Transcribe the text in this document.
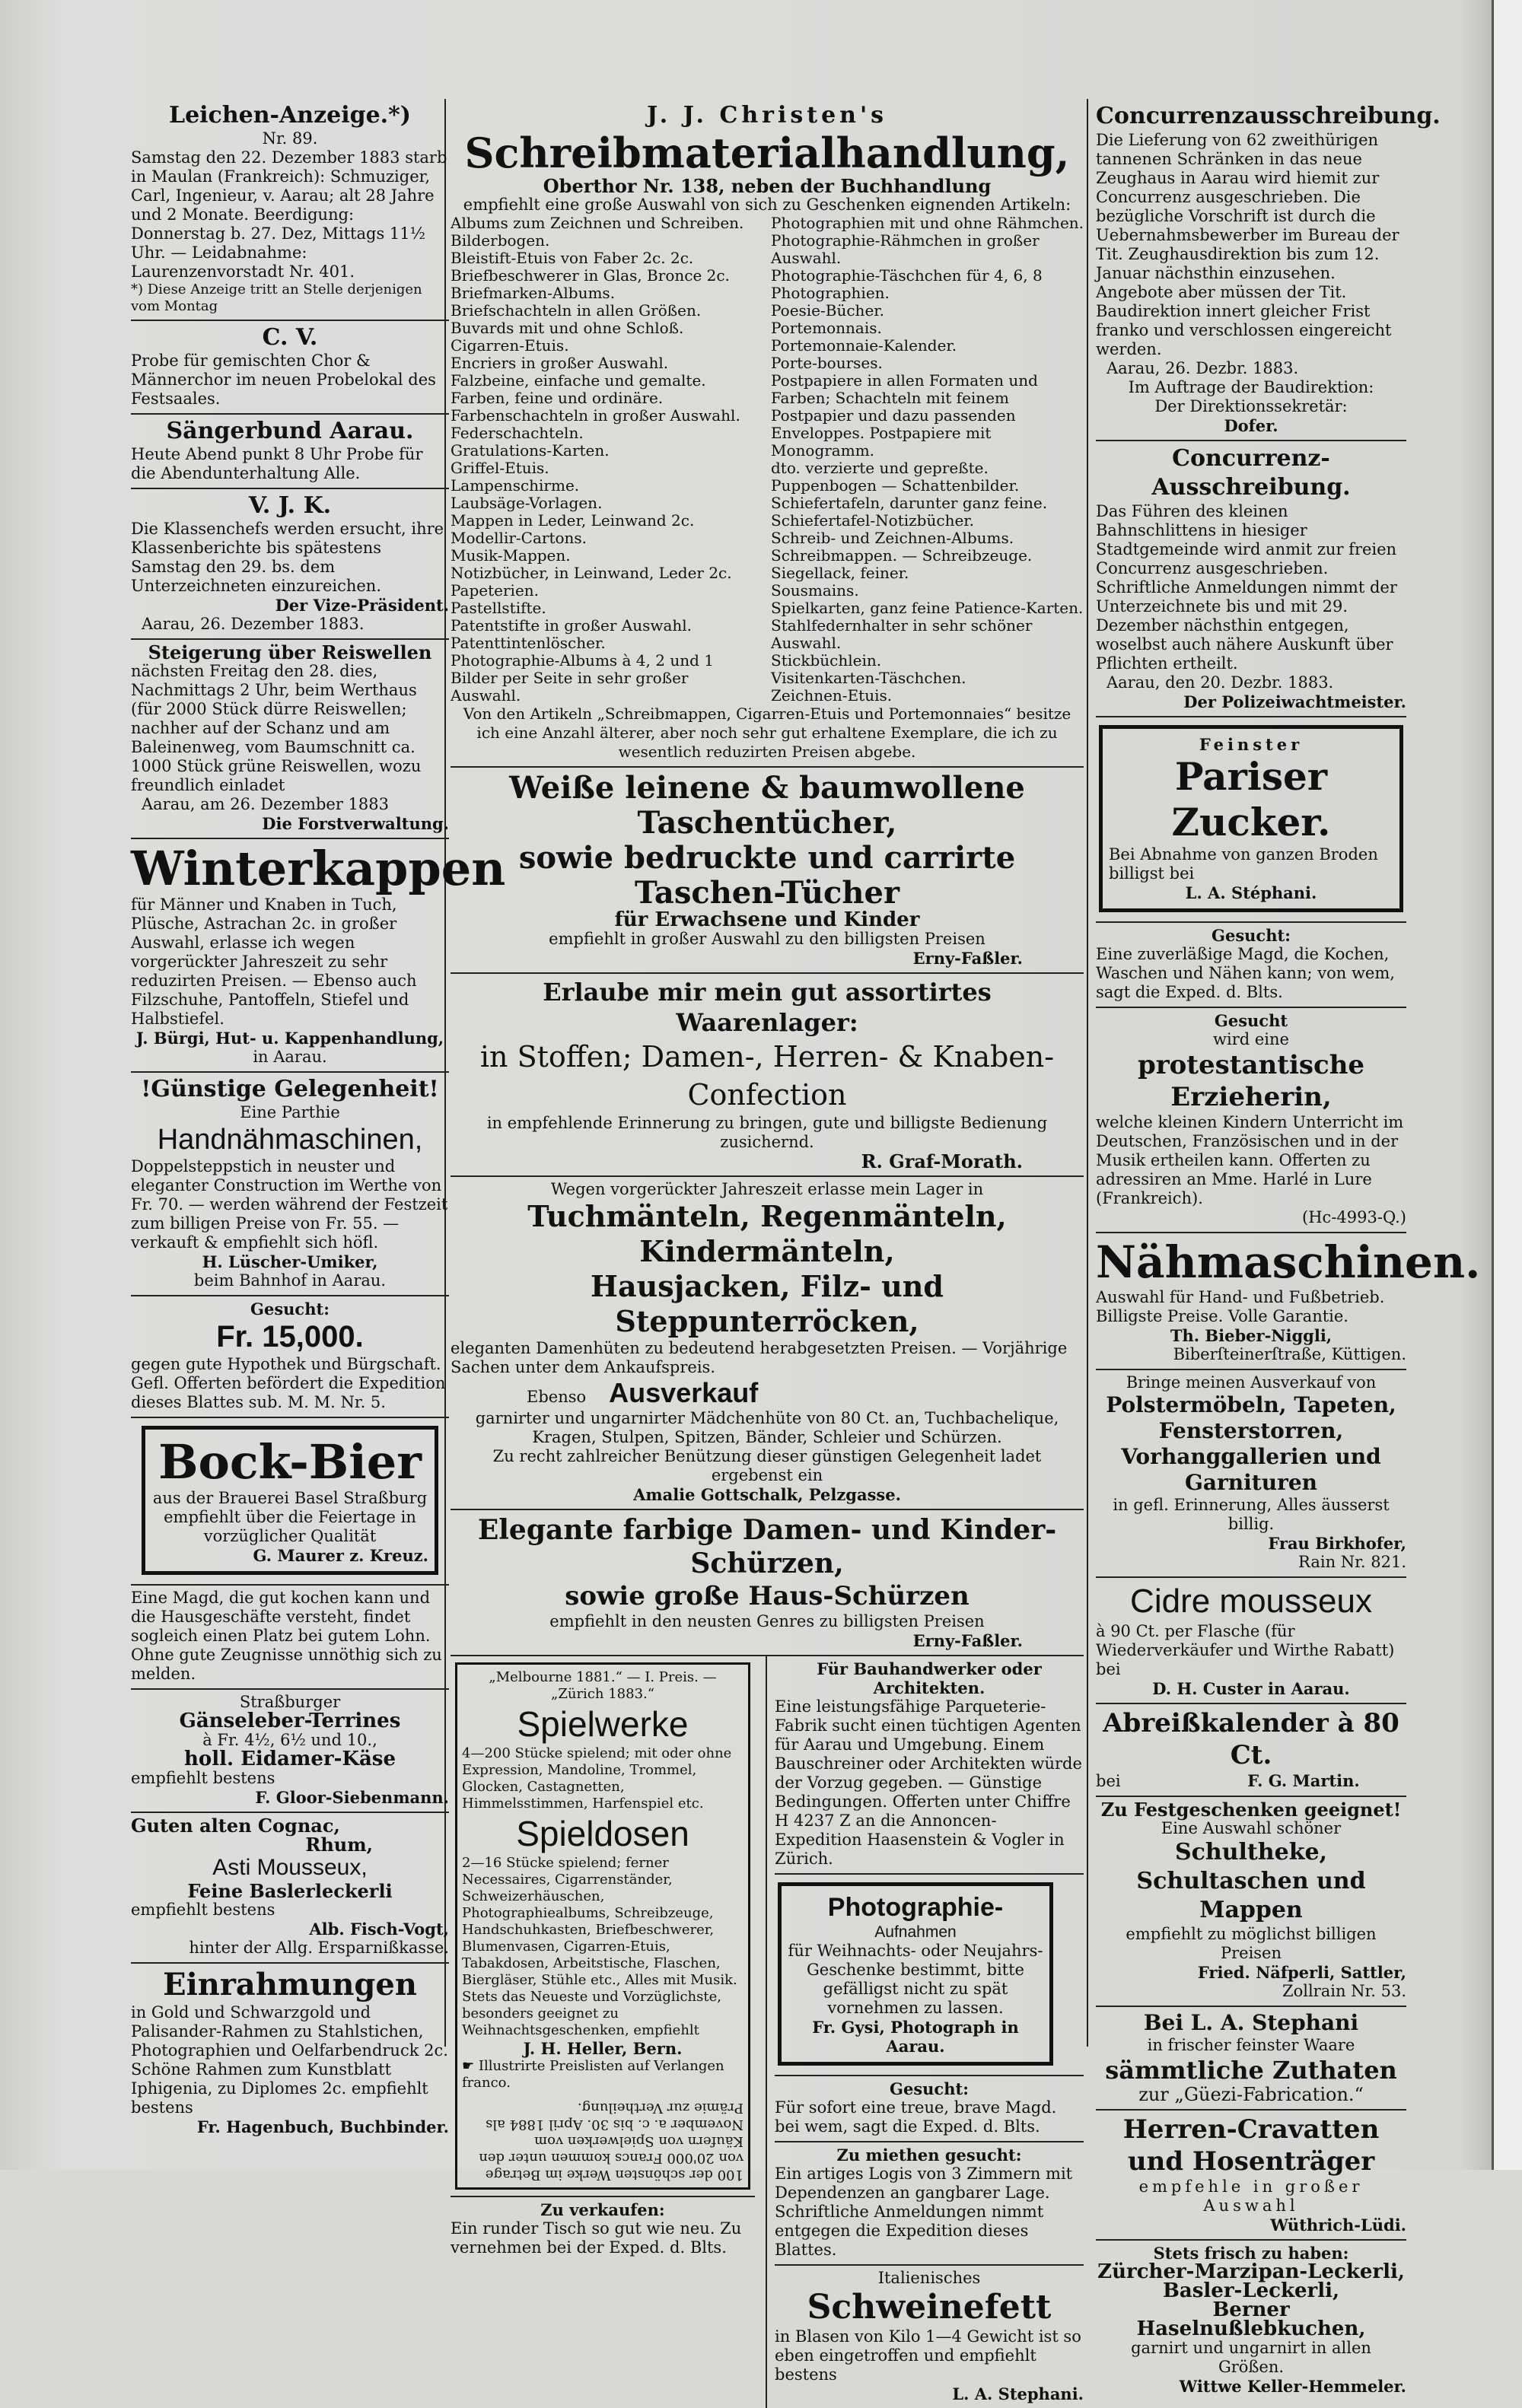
Leichen-Anzeige.*)

Nr. 89.

Samstag den 22. Dezember 1883 starb in Maulan (Frankreich): Schmuziger, Carl, Ingenieur, v. Aarau; alt 28 Jahre und 2 Monate. Beerdigung: Donnerstag b. 27. Dez, Mittags 11½ Uhr. — Leidabnahme: Laurenzenvorstadt Nr. 401.

*) Diese Anzeige tritt an Stelle derjenigen vom Montag

C. V.

Probe für gemischten Chor & Männerchor im neuen Probelokal des Festsaales.

Sängerbund Aarau.

Heute Abend punkt 8 Uhr Probe für die Abendunterhaltung Alle.

V. J. K.

Die Klassenchefs werden ersucht, ihre Klassenberichte bis spätestens Samstag den 29. bs. dem Unterzeichneten einzureichen.

Der Vize-Präsident.

Aarau, 26. Dezember 1883.

Steigerung über Reiswellen

nächsten Freitag den 28. dies, Nachmittags 2 Uhr, beim Werthaus (für 2000 Stück dürre Reiswellen; nachher auf der Schanz und am Baleinenweg, vom Baumschnitt ca. 1000 Stück grüne Reiswellen, wozu freundlich einladet

Aarau, am 26. Dezember 1883

Die Forstverwaltung.

Winterkappen

für Männer und Knaben in Tuch, Plüsche, Astrachan 2c. in großer Auswahl, erlasse ich wegen vorgerückter Jahreszeit zu sehr reduzirten Preisen. — Ebenso auch Filzschuhe, Pantoffeln, Stiefel und Halbstiefel.

J. Bürgi, Hut- u. Kappenhandlung,

in Aarau.

!Günstige Gelegenheit!

Eine Parthie

Handnähmaschinen,

Doppelsteppstich in neuster und eleganter Construction im Werthe von Fr. 70. — werden während der Festzeit zum billigen Preise von Fr. 55. — verkauft & empfiehlt sich höfl.

H. Lüscher-Umiker,

beim Bahnhof in Aarau.

Gesucht:

Fr. 15,000.

gegen gute Hypothek und Bürgschaft. Gefl. Offerten befördert die Expedition dieses Blattes sub. M. M. Nr. 5.

Bock-Bier

aus der Brauerei Basel Straßburg empfiehlt über die Feiertage in vorzüglicher Qualität

G. Maurer z. Kreuz.

Eine Magd, die gut kochen kann und die Hausgeschäfte versteht, findet sogleich einen Platz bei gutem Lohn. Ohne gute Zeugnisse unnöthig sich zu melden.

Straßburger

Gänseleber-Terrines

à Fr. 4½, 6½ und 10.,

holl. Eidamer-Käse

empfiehlt bestens

F. Gloor-Siebenmann.

Guten alten Cognac,

Rhum,

Asti Mousseux,

Feine Baslerleckerli

empfiehlt bestens

Alb. Fisch-Vogt,

hinter der Allg. Ersparnißkasse.

Einrahmungen

in Gold und Schwarzgold und Palisander-Rahmen zu Stahlstichen, Photographien und Oelfarbendruck 2c. Schöne Rahmen zum Kunstblatt Iphigenia, zu Diplomes 2c. empfiehlt bestens

Fr. Hagenbuch, Buchbinder.

J. J. Christen's

Schreibmaterialhandlung,

Oberthor Nr. 138, neben der Buchhandlung

empfiehlt eine große Auswahl von sich zu Geschenken eignenden Artikeln:

Albums zum Zeichnen und Schreiben.

Bilderbogen.

Bleistift-Etuis von Faber 2c. 2c.

Briefbeschwerer in Glas, Bronce 2c.

Briefmarken-Albums.

Briefschachteln in allen Größen.

Buvards mit und ohne Schloß.

Cigarren-Etuis.

Encriers in großer Auswahl.

Falzbeine, einfache und gemalte.

Farben, feine und ordinäre.

Farbenschachteln in großer Auswahl.

Federschachteln.

Gratulations-Karten.

Griffel-Etuis.

Lampenschirme.

Laubsäge-Vorlagen.

Mappen in Leder, Leinwand 2c.

Modellir-Cartons.

Musik-Mappen.

Notizbücher, in Leinwand, Leder 2c.

Papeterien.

Pastellstifte.

Patentstifte in großer Auswahl.

Patenttintenlöscher.

Photographie-Albums à 4, 2 und 1 Bilder per Seite in sehr großer Auswahl.

Photographien mit und ohne Rähmchen.

Photographie-Rähmchen in großer Auswahl.

Photographie-Täschchen für 4, 6, 8 Photographien.

Poesie-Bücher.

Portemonnais.

Portemonnaie-Kalender.

Porte-bourses.

Postpapiere in allen Formaten und Farben; Schachteln mit feinem Postpapier und dazu passenden Enveloppes. Postpapiere mit Monogramm.

dto. verzierte und gepreßte.

Puppenbogen — Schattenbilder.

Schiefertafeln, darunter ganz feine.

Schiefertafel-Notizbücher.

Schreib- und Zeichnen-Albums.

Schreibmappen. — Schreibzeuge.

Siegellack, feiner.

Sousmains.

Spielkarten, ganz feine Patience-Karten.

Stahlfedernhalter in sehr schöner Auswahl.

Stickbüchlein.

Visitenkarten-Täschchen.

Zeichnen-Etuis.

Von den Artikeln „Schreibmappen, Cigarren-Etuis und Portemonnaies“ besitze ich eine Anzahl älterer, aber noch sehr gut erhaltene Exemplare, die ich zu wesentlich reduzirten Preisen abgebe.

Weiße leinene & baumwollene Taschentücher,

sowie bedruckte und carrirte Taschen-Tücher

für Erwachsene und Kinder

empfiehlt in großer Auswahl zu den billigsten Preisen

Erny-Faßler.

Erlaube mir mein gut assortirtes Waarenlager:

in Stoffen; Damen-, Herren- & Knaben-Confection

in empfehlende Erinnerung zu bringen, gute und billigste Bedienung zusichernd.

R. Graf-Morath.

Wegen vorgerückter Jahreszeit erlasse mein Lager in

Tuchmänteln, Regenmänteln, Kindermänteln,

Hausjacken, Filz- und Steppunterröcken,

eleganten Damenhüten zu bedeutend herabgesetzten Preisen. — Vorjährige Sachen unter dem Ankaufspreis.

Ebenso Ausverkauf

garnirter und ungarnirter Mädchenhüte von 80 Ct. an, Tuchbachelique, Kragen, Stulpen, Spitzen, Bänder, Schleier und Schürzen.

Zu recht zahlreicher Benützung dieser günstigen Gelegenheit ladet ergebenst ein

Amalie Gottschalk, Pelzgasse.

Elegante farbige Damen- und Kinder-Schürzen,

sowie große Haus-Schürzen

empfiehlt in den neusten Genres zu billigsten Preisen

Erny-Faßler.

„Melbourne 1881.“ — I. Preis. —

„Zürich 1883.“

Spielwerke

4—200 Stücke spielend; mit oder ohne Expression, Mandoline, Trommel, Glocken, Castagnetten, Himmelsstimmen, Harfenspiel etc.

Spieldosen

2—16 Stücke spielend; ferner Necessaires, Cigarrenständer, Schweizerhäuschen, Photographiealbums, Schreibzeuge, Handschuhkasten, Briefbeschwerer, Blumenvasen, Cigarren-Etuis, Tabakdosen, Arbeitstische, Flaschen, Biergläser, Stühle etc., Alles mit Musik. Stets das Neueste und Vorzüglichste, besonders geeignet zu Weihnachtsgeschenken, empfiehlt

J. H. Heller, Bern.

☛ Illustrirte Preislisten auf Verlangen franco.

100 der schönsten Werke im Betrage von 20'000 Francs kommen unter den Käufern von Spielwerken vom November a. c. bis 30. April 1884 als Prämie zur Vertheilung.

Zu verkaufen:

Ein runder Tisch so gut wie neu. Zu vernehmen bei der Exped. d. Blts.

Für Bauhandwerker oder Architekten.

Eine leistungsfähige Parqueterie-Fabrik sucht einen tüchtigen Agenten für Aarau und Umgebung. Einem Bauschreiner oder Architekten würde der Vorzug gegeben. — Günstige Bedingungen. Offerten unter Chiffre H 4237 Z an die Annoncen-Expedition Haasenstein & Vogler in Zürich.

Photographie-

Aufnahmen

für Weihnachts- oder Neujahrs-Geschenke bestimmt, bitte gefälligst nicht zu spät vornehmen zu lassen.

Fr. Gysi, Photograph in Aarau.

Gesucht:

Für sofort eine treue, brave Magd. bei wem, sagt die Exped. d. Blts.

Zu miethen gesucht:

Ein artiges Logis von 3 Zimmern mit Dependenzen an gangbarer Lage. Schriftliche Anmeldungen nimmt entgegen die Expedition dieses Blattes.

Italienisches

Schweinefett

in Blasen von Kilo 1—4 Gewicht ist so eben eingetroffen und empfiehlt bestens

L. A. Stephani.

Concurrenzausschreibung.

Die Lieferung von 62 zweithürigen tannenen Schränken in das neue Zeughaus in Aarau wird hiemit zur Concurrenz ausgeschrieben. Die bezügliche Vorschrift ist durch die Uebernahmsbewerber im Bureau der Tit. Zeughausdirektion bis zum 12. Januar nächsthin einzusehen. Angebote aber müssen der Tit. Baudirektion innert gleicher Frist franko und verschlossen eingereicht werden.

Aarau, 26. Dezbr. 1883.

Im Auftrage der Baudirektion:

Der Direktionssekretär:

Dofer.

Concurrenz-Ausschreibung.

Das Führen des kleinen Bahnschlittens in hiesiger Stadtgemeinde wird anmit zur freien Concurrenz ausgeschrieben. Schriftliche Anmeldungen nimmt der Unterzeichnete bis und mit 29. Dezember nächsthin entgegen, woselbst auch nähere Auskunft über Pflichten ertheilt.

Aarau, den 20. Dezbr. 1883.

Der Polizeiwachtmeister.

Feinster

Pariser Zucker.

Bei Abnahme von ganzen Broden billigst bei

L. A. Stéphani.

Gesucht:

Eine zuverläßige Magd, die Kochen, Waschen und Nähen kann; von wem, sagt die Exped. d. Blts.

Gesucht

wird eine

protestantische Erzieherin,

welche kleinen Kindern Unterricht im Deutschen, Französischen und in der Musik ertheilen kann. Offerten zu adressiren an Mme. Harlé in Lure (Frankreich).

(Hc-4993-Q.)

Nähmaschinen.

Auswahl für Hand- und Fußbetrieb. Billigste Preise. Volle Garantie.

Th. Bieber-Niggli,

Biberſteinerſtraße, Küttigen.

Bringe meinen Ausverkauf von

Polstermöbeln, Tapeten, Fensterstorren, Vorhanggallerien und Garnituren

in gefl. Erinnerung, Alles äusserst billig.

Frau Birkhofer,

Rain Nr. 821.

Cidre mousseux

à 90 Ct. per Flasche (für Wiederverkäufer und Wirthe Rabatt) bei

D. H. Custer in Aarau.

Abreißkalender à 80 Ct.

bei	F. G. Martin.

Zu Festgeschenken geeignet!

Eine Auswahl schöner

Schultheke, Schultaschen und Mappen

empfiehlt zu möglichst billigen Preisen

Fried. Näfperli, Sattler,

Zollrain Nr. 53.

Bei L. A. Stephani

in frischer feinster Waare

sämmtliche Zuthaten

zur „Güezi-Fabrication.“

Herren-Cravatten

und Hosenträger

empfehle in großer Auswahl

Wüthrich-Lüdi.

Stets frisch zu haben:

Zürcher-Marzipan-Leckerli,

Basler-Leckerli,

Berner Haselnußlebkuchen,

garnirt und ungarnirt in allen Größen.

Wittwe Keller-Hemmeler.
